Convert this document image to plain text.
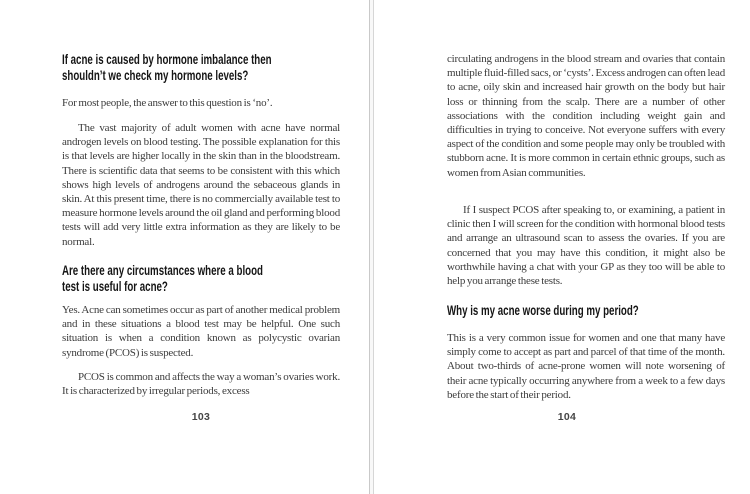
If acne is caused by hormone imbalance then
shouldn’t we check my hormone levels?

For most people, the answer to this question is ‘no’.

The vast majority of adult women with acne have normal androgen levels on blood testing. The possible explanation for this is that levels are higher locally in the skin than in the bloodstream. There is scientific data that seems to be consistent with this which shows high levels of androgens around the sebaceous glands in skin. At this present time, there is no commercially available test to measure hormone levels around the oil gland and performing blood tests will add very little extra information as they are likely to be normal.

Are there any circumstances where a blood
test is useful for acne?

Yes. Acne can sometimes occur as part of another medical problem and in these situations a blood test may be helpful. One such situation is when a condition known as polycystic ovarian syndrome (PCOS) is suspected.

PCOS is common and affects the way a woman’s ovaries work. It is characterized by irregular periods, excess

103

circulating androgens in the blood stream and ovaries that contain multiple fluid-filled sacs, or ‘cysts’. Excess androgen can often lead to acne, oily skin and increased hair growth on the body but hair loss or thinning from the scalp. There are a number of other associations with the condition including weight gain and difficulties in trying to conceive. Not everyone suffers with every aspect of the condition and some people may only be troubled with stubborn acne. It is more common in certain ethnic groups, such as women from Asian communities.

If I suspect PCOS after speaking to, or examining, a patient in clinic then I will screen for the condition with hormonal blood tests and arrange an ultrasound scan to assess the ovaries. If you are concerned that you may have this condition, it might also be worthwhile having a chat with your GP as they too will be able to help you arrange these tests.

Why is my acne worse during my period?

This is a very common issue for women and one that many have simply come to accept as part and parcel of that time of the month. About two-thirds of acne-prone women will note worsening of their acne typically occurring anywhere from a week to a few days before the start of their period.

104
